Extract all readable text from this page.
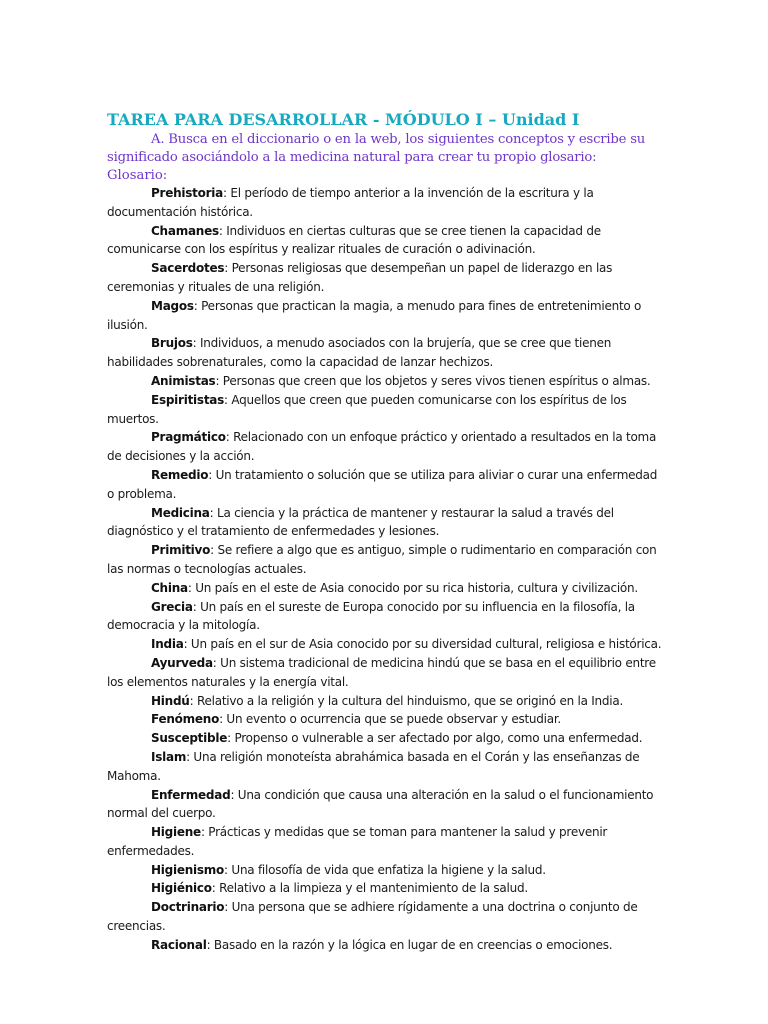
TAREA PARA DESARROLLAR - MÓDULO I – Unidad I

A. Busca en el diccionario o en la web, los siguientes conceptos y escribe su significado asociándolo a la medicina natural para crear tu propio glosario:

Glosario:

Prehistoria: El período de tiempo anterior a la invención de la escritura y la documentación histórica.
Chamanes: Individuos en ciertas culturas que se cree tienen la capacidad de comunicarse con los espíritus y realizar rituales de curación o adivinación.
Sacerdotes: Personas religiosas que desempeñan un papel de liderazgo en las ceremonias y rituales de una religión.
Magos: Personas que practican la magia, a menudo para fines de entretenimiento o ilusión.
Brujos: Individuos, a menudo asociados con la brujería, que se cree que tienen habilidades sobrenaturales, como la capacidad de lanzar hechizos.
Animistas: Personas que creen que los objetos y seres vivos tienen espíritus o almas.
Espiritistas: Aquellos que creen que pueden comunicarse con los espíritus de los muertos.
Pragmático: Relacionado con un enfoque práctico y orientado a resultados en la toma de decisiones y la acción.
Remedio: Un tratamiento o solución que se utiliza para aliviar o curar una enfermedad o problema.
Medicina: La ciencia y la práctica de mantener y restaurar la salud a través del diagnóstico y el tratamiento de enfermedades y lesiones.
Primitivo: Se refiere a algo que es antiguo, simple o rudimentario en comparación con las normas o tecnologías actuales.
China: Un país en el este de Asia conocido por su rica historia, cultura y civilización.
Grecia: Un país en el sureste de Europa conocido por su influencia en la filosofía, la democracia y la mitología.
India: Un país en el sur de Asia conocido por su diversidad cultural, religiosa e histórica.
Ayurveda: Un sistema tradicional de medicina hindú que se basa en el equilibrio entre los elementos naturales y la energía vital.
Hindú: Relativo a la religión y la cultura del hinduismo, que se originó en la India.
Fenómeno: Un evento o ocurrencia que se puede observar y estudiar.
Susceptible: Propenso o vulnerable a ser afectado por algo, como una enfermedad.
Islam: Una religión monoteísta abrahámica basada en el Corán y las enseñanzas de Mahoma.
Enfermedad: Una condición que causa una alteración en la salud o el funcionamiento normal del cuerpo.
Higiene: Prácticas y medidas que se toman para mantener la salud y prevenir enfermedades.
Higienismo: Una filosofía de vida que enfatiza la higiene y la salud.
Higiénico: Relativo a la limpieza y el mantenimiento de la salud.
Doctrinario: Una persona que se adhiere rígidamente a una doctrina o conjunto de creencias.
Racional: Basado en la razón y la lógica en lugar de en creencias o emociones.
